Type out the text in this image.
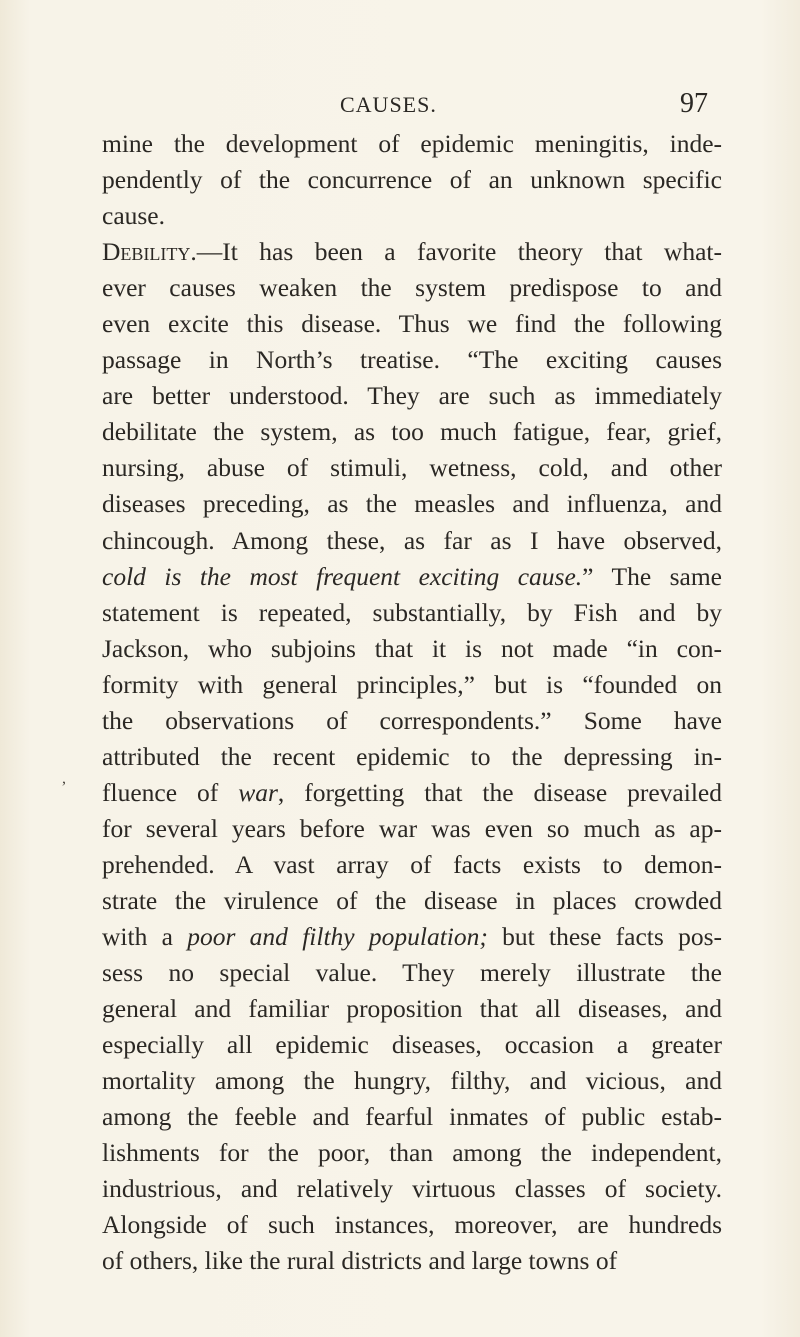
CAUSES.	97
,
mine the development of epidemic meningitis, inde-
pendently of the concurrence of an unknown specific
cause.
Debility.—It has been a favorite theory that what-
ever causes weaken the system predispose to and
even excite this disease. Thus we find the following
passage in North’s treatise. “The exciting causes
are better understood. They are such as immediately
debilitate the system, as too much fatigue, fear, grief,
nursing, abuse of stimuli, wetness, cold, and other
diseases preceding, as the measles and influenza, and
chincough. Among these, as far as I have observed,
cold is the most frequent exciting cause.” The same
statement is repeated, substantially, by Fish and by
Jackson, who subjoins that it is not made “in con-
formity with general principles,” but is “founded on
the observations of correspondents.” Some have
attributed the recent epidemic to the depressing in-
fluence of war, forgetting that the disease prevailed
for several years before war was even so much as ap-
prehended. A vast array of facts exists to demon-
strate the virulence of the disease in places crowded
with a poor and filthy population; but these facts pos-
sess no special value. They merely illustrate the
general and familiar proposition that all diseases, and
especially all epidemic diseases, occasion a greater
mortality among the hungry, filthy, and vicious, and
among the feeble and fearful inmates of public estab-
lishments for the poor, than among the independent,
industrious, and relatively virtuous classes of society.
Alongside of such instances, moreover, are hundreds
of others, like the rural districts and large towns of
